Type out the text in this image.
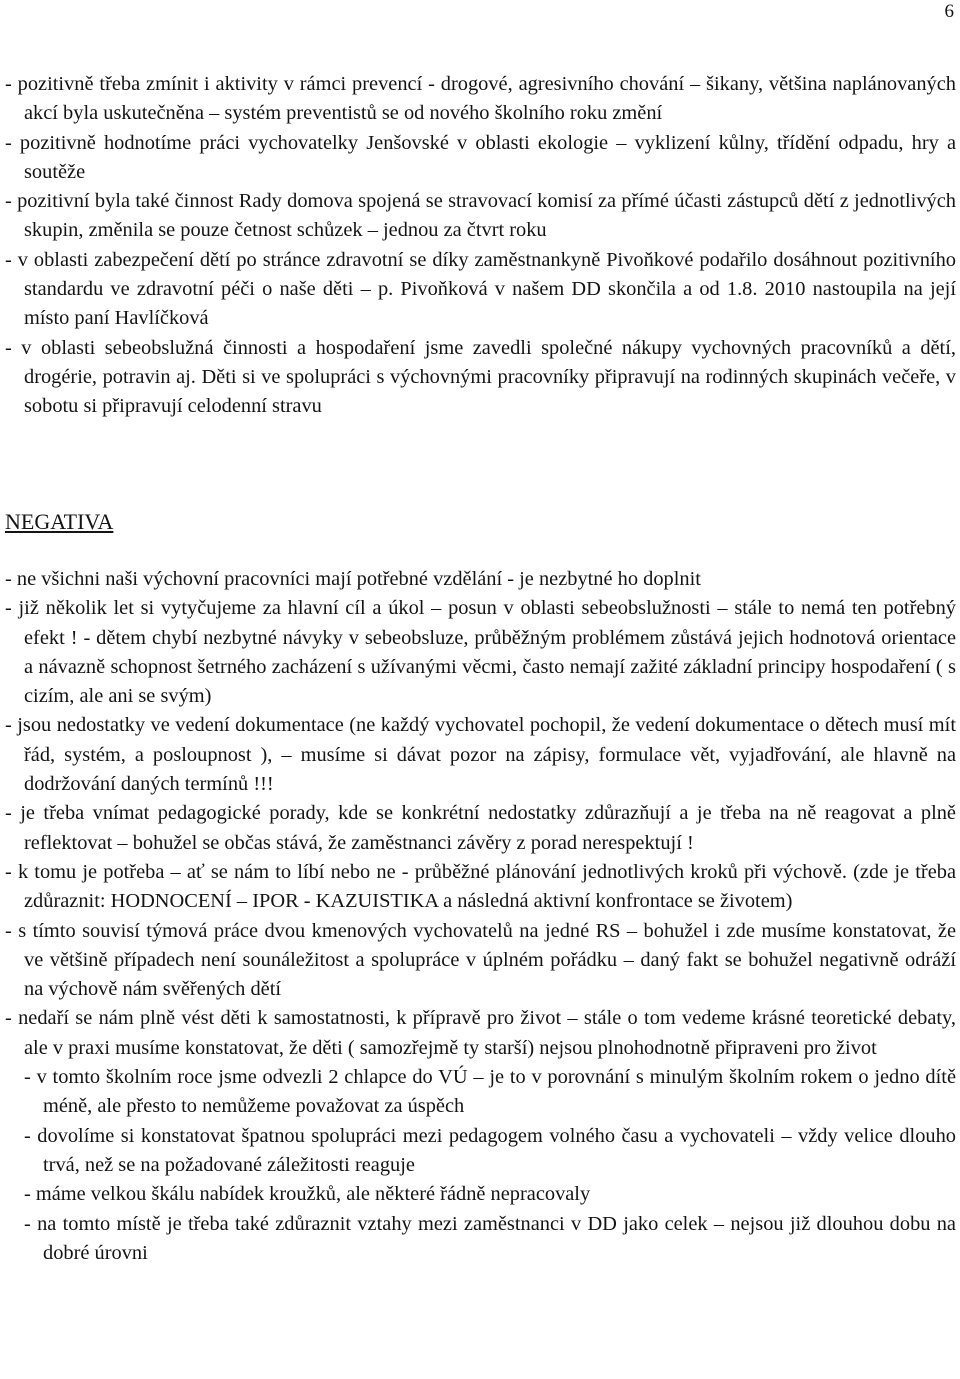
6

- pozitivně třeba zmínit i aktivity v rámci prevencí - drogové, agresivního chování – šikany, většina naplánovaných akcí byla uskutečněna – systém preventistů se od nového školního roku změní

- pozitivně hodnotíme práci vychovatelky Jenšovské v oblasti ekologie – vyklizení kůlny, třídění odpadu, hry a soutěže

- pozitivní byla také činnost Rady domova spojená se stravovací komisí za přímé účasti zástupců dětí z jednotlivých skupin, změnila se pouze četnost schůzek – jednou za čtvrt roku

- v oblasti zabezpečení dětí po stránce zdravotní se díky zaměstnankyně Pivoňkové podařilo dosáhnout pozitivního standardu ve zdravotní péči o naše děti – p. Pivoňková v našem DD skončila a od 1.8. 2010 nastoupila na její místo paní Havlíčková

- v oblasti sebeobslužná činnosti a hospodaření jsme zavedli společné nákupy vychovných pracovníků a dětí, drogérie, potravin aj. Děti si ve spolupráci s výchovnými pracovníky připravují na rodinných skupinách večeře, v sobotu si připravují celodenní stravu

NEGATIVA

- ne všichni naši výchovní pracovníci mají potřebné vzdělání - je nezbytné ho doplnit

- již několik let si vytyčujeme za hlavní cíl a úkol – posun v oblasti sebeobslužnosti – stále to nemá ten potřebný efekt ! - dětem chybí nezbytné návyky v sebeobsluze, průběžným problémem zůstává jejich hodnotová orientace a návazně schopnost šetrného zacházení s užívanými věcmi, často nemají zažité základní principy hospodaření ( s cizím, ale ani se svým)

- jsou nedostatky ve vedení dokumentace (ne každý vychovatel pochopil, že vedení dokumentace o dětech musí mít řád, systém, a posloupnost ), – musíme si dávat pozor na zápisy, formulace vět, vyjadřování, ale hlavně na dodržování daných termínů !!!

- je třeba vnímat pedagogické porady, kde se konkrétní nedostatky zdůrazňují a je třeba na ně reagovat a plně reflektovat – bohužel se občas stává, že zaměstnanci závěry z porad nerespektují !

- k tomu je potřeba – ať se nám to líbí nebo ne - průběžné plánování jednotlivých kroků při výchově. (zde je třeba zdůraznit: HODNOCENÍ – IPOR - KAZUISTIKA a následná aktivní konfrontace se životem)

- s tímto souvisí týmová práce dvou kmenových vychovatelů na jedné RS – bohužel i zde musíme konstatovat, že ve většině případech není sounáležitost a spolupráce v úplném pořádku – daný fakt se bohužel negativně odráží na výchově nám svěřených dětí

- nedaří se nám plně vést děti k samostatnosti, k přípravě pro život – stále o tom vedeme krásné teoretické debaty, ale v praxi musíme konstatovat, že děti ( samozřejmě ty starší) nejsou plnohodnotně připraveni pro život

- v tomto školním roce jsme odvezli 2 chlapce do VÚ – je to v porovnání s minulým školním rokem o jedno dítě méně, ale přesto to nemůžeme považovat za úspěch

- dovolíme si konstatovat špatnou spolupráci mezi pedagogem volného času a vychovateli – vždy velice dlouho trvá, než se na požadované záležitosti reaguje

- máme velkou škálu nabídek kroužků, ale některé řádně nepracovaly

- na tomto místě je třeba také zdůraznit vztahy mezi zaměstnanci v DD jako celek – nejsou již dlouhou dobu na dobré úrovni
